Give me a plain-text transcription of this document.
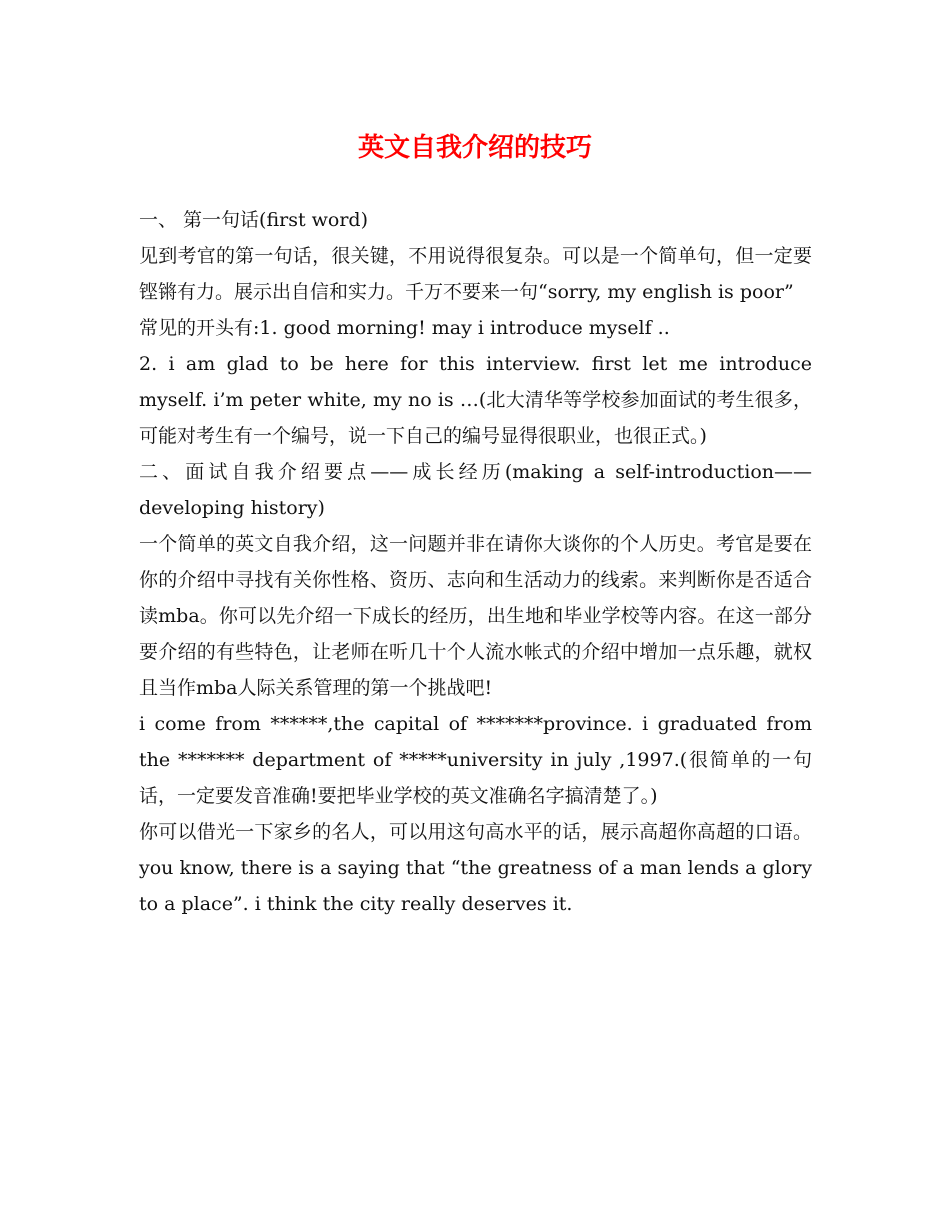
英文自我介绍的技巧

一、 第一句话(first word)

见到考官的第一句话，很关键，不用说得很复杂。可以是一个简单句，但一定要铿锵有力。展示出自信和实力。千万不要来一句“sorry, my english is poor”

常见的开头有:1. good morning! may i introduce myself ..

2. i am glad to be here for this interview. first let me introduce myself. i’m peter white, my no is …(北大清华等学校参加面试的考生很多，可能对考生有一个编号，说一下自己的编号显得很职业，也很正式。)

二、面试自我介绍要点——成长经历(making a self-introduction——developing history)

一个简单的英文自我介绍，这一问题并非在请你大谈你的个人历史。考官是要在你的介绍中寻找有关你性格、资历、志向和生活动力的线索。来判断你是否适合读mba。你可以先介绍一下成长的经历，出生地和毕业学校等内容。在这一部分要介绍的有些特色，让老师在听几十个人流水帐式的介绍中增加一点乐趣，就权且当作mba人际关系管理的第一个挑战吧!

i come from ******,the capital of *******province. i graduated from the ******* department of *****university in july ,1997.(很简单的一句话，一定要发音准确!要把毕业学校的英文准确名字搞清楚了。)

你可以借光一下家乡的名人，可以用这句高水平的话，展示高超你高超的口语。you know, there is a saying that “the greatness of a man lends a glory to a place”. i think the city really deserves it.
